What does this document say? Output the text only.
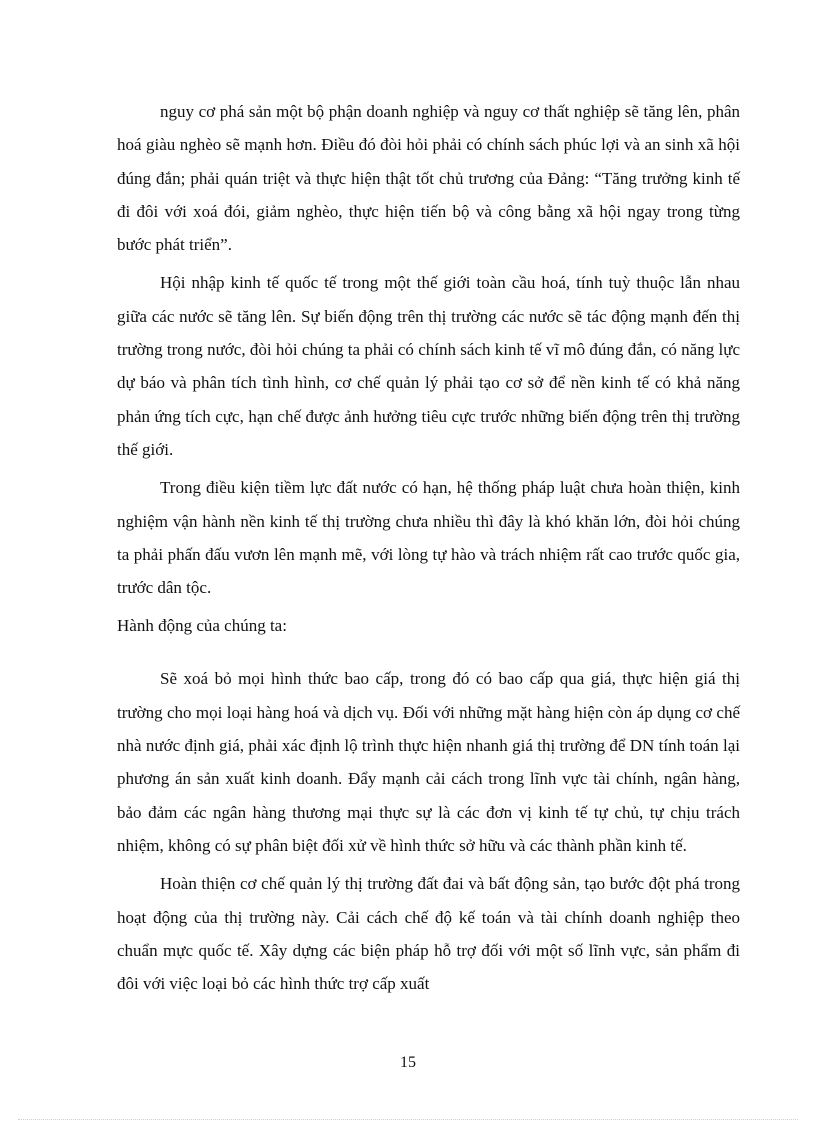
nguy cơ phá sản một bộ phận doanh nghiệp và nguy cơ thất nghiệp sẽ tăng lên, phân hoá giàu nghèo sẽ mạnh hơn. Điều đó đòi hỏi phải có chính sách phúc lợi và an sinh xã hội đúng đắn; phải quán triệt và thực hiện thật tốt chủ trương của Đảng: “Tăng trưởng kinh tế đi đôi với xoá đói, giảm nghèo, thực hiện tiến bộ và công bằng xã hội ngay trong từng bước phát triển”.

Hội nhập kinh tế quốc tế trong một thế giới toàn cầu hoá, tính tuỳ thuộc lẫn nhau giữa các nước sẽ tăng lên. Sự biến động trên thị trường các nước sẽ tác động mạnh đến thị trường trong nước, đòi hỏi chúng ta phải có chính sách kinh tế vĩ mô đúng đắn, có năng lực dự báo và phân tích tình hình, cơ chế quản lý phải tạo cơ sở để nền kinh tế có khả năng phản ứng tích cực, hạn chế được ảnh hưởng tiêu cực trước những biến động trên thị trường thế giới.

Trong điều kiện tiềm lực đất nước có hạn, hệ thống pháp luật chưa hoàn thiện, kinh nghiệm vận hành nền kinh tế thị trường chưa nhiều thì đây là khó khăn lớn, đòi hỏi chúng ta phải phấn đấu vươn lên mạnh mẽ, với lòng tự hào và trách nhiệm rất cao trước quốc gia, trước dân tộc.

Hành động của chúng ta:

Sẽ xoá bỏ mọi hình thức bao cấp, trong đó có bao cấp qua giá, thực hiện giá thị trường cho mọi loại hàng hoá và dịch vụ. Đối với những mặt hàng hiện còn áp dụng cơ chế nhà nước định giá, phải xác định lộ trình thực hiện nhanh giá thị trường để DN tính toán lại phương án sản xuất kinh doanh. Đẩy mạnh cải cách trong lĩnh vực tài chính, ngân hàng, bảo đảm các ngân hàng thương mại thực sự là các đơn vị kinh tế tự chủ, tự chịu trách nhiệm, không có sự phân biệt đối xử về hình thức sở hữu và các thành phần kinh tế.

Hoàn thiện cơ chế quản lý thị trường đất đai và bất động sản, tạo bước đột phá trong hoạt động của thị trường này. Cải cách chế độ kế toán và tài chính doanh nghiệp theo chuẩn mực quốc tế. Xây dựng các biện pháp hỗ trợ đối với một số lĩnh vực, sản phẩm đi đôi với việc loại bỏ các hình thức trợ cấp xuất

15
